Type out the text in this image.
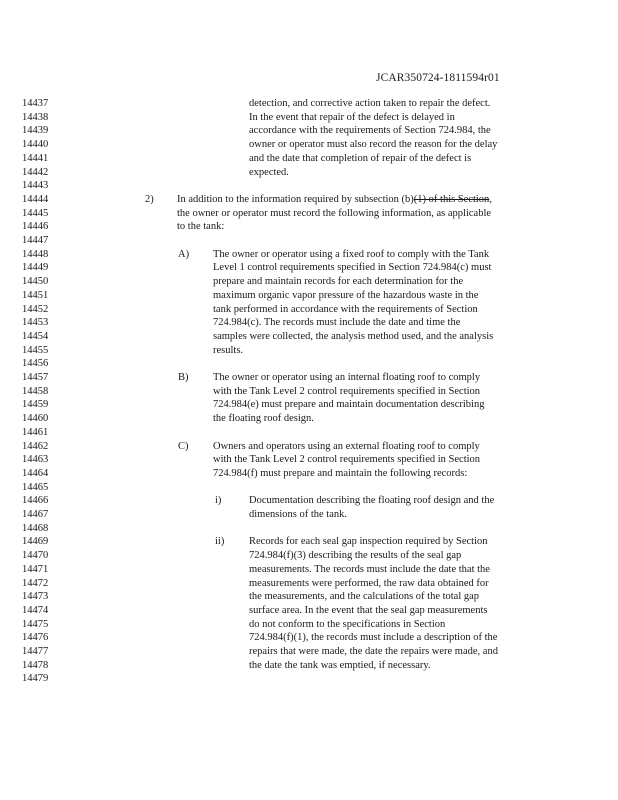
JCAR350724-1811594r01
14437
14438
14439
14440
14441
14442
14443
14444
14445
14446
14447
14448
14449
14450
14451
14452
14453
14454
14455
14456
14457
14458
14459
14460
14461
14462
14463
14464
14465
14466
14467
14468
14469
14470
14471
14472
14473
14474
14475
14476
14477
14478
14479
detection, and corrective action taken to repair the defect.
In the event that repair of the defect is delayed in
accordance with the requirements of Section 724.984, the
owner or operator must also record the reason for the delay
and the date that completion of repair of the defect is
expected.
2) In addition to the information required by subsection (b)(1) of this Section,
the owner or operator must record the following information, as applicable
to the tank:
A) The owner or operator using a fixed roof to comply with the Tank
Level 1 control requirements specified in Section 724.984(c) must
prepare and maintain records for each determination for the
maximum organic vapor pressure of the hazardous waste in the
tank performed in accordance with the requirements of Section
724.984(c). The records must include the date and time the
samples were collected, the analysis method used, and the analysis
results.
B) The owner or operator using an internal floating roof to comply
with the Tank Level 2 control requirements specified in Section
724.984(e) must prepare and maintain documentation describing
the floating roof design.
C) Owners and operators using an external floating roof to comply
with the Tank Level 2 control requirements specified in Section
724.984(f) must prepare and maintain the following records:
i)	Documentation describing the floating roof design and the
dimensions of the tank.
ii) Records for each seal gap inspection required by Section
724.984(f)(3) describing the results of the seal gap
measurements. The records must include the date that the
measurements were performed, the raw data obtained for
the measurements, and the calculations of the total gap
surface area. In the event that the seal gap measurements
do not conform to the specifications in Section
724.984(f)(1), the records must include a description of the
repairs that were made, the date the repairs were made, and
the date the tank was emptied, if necessary.
